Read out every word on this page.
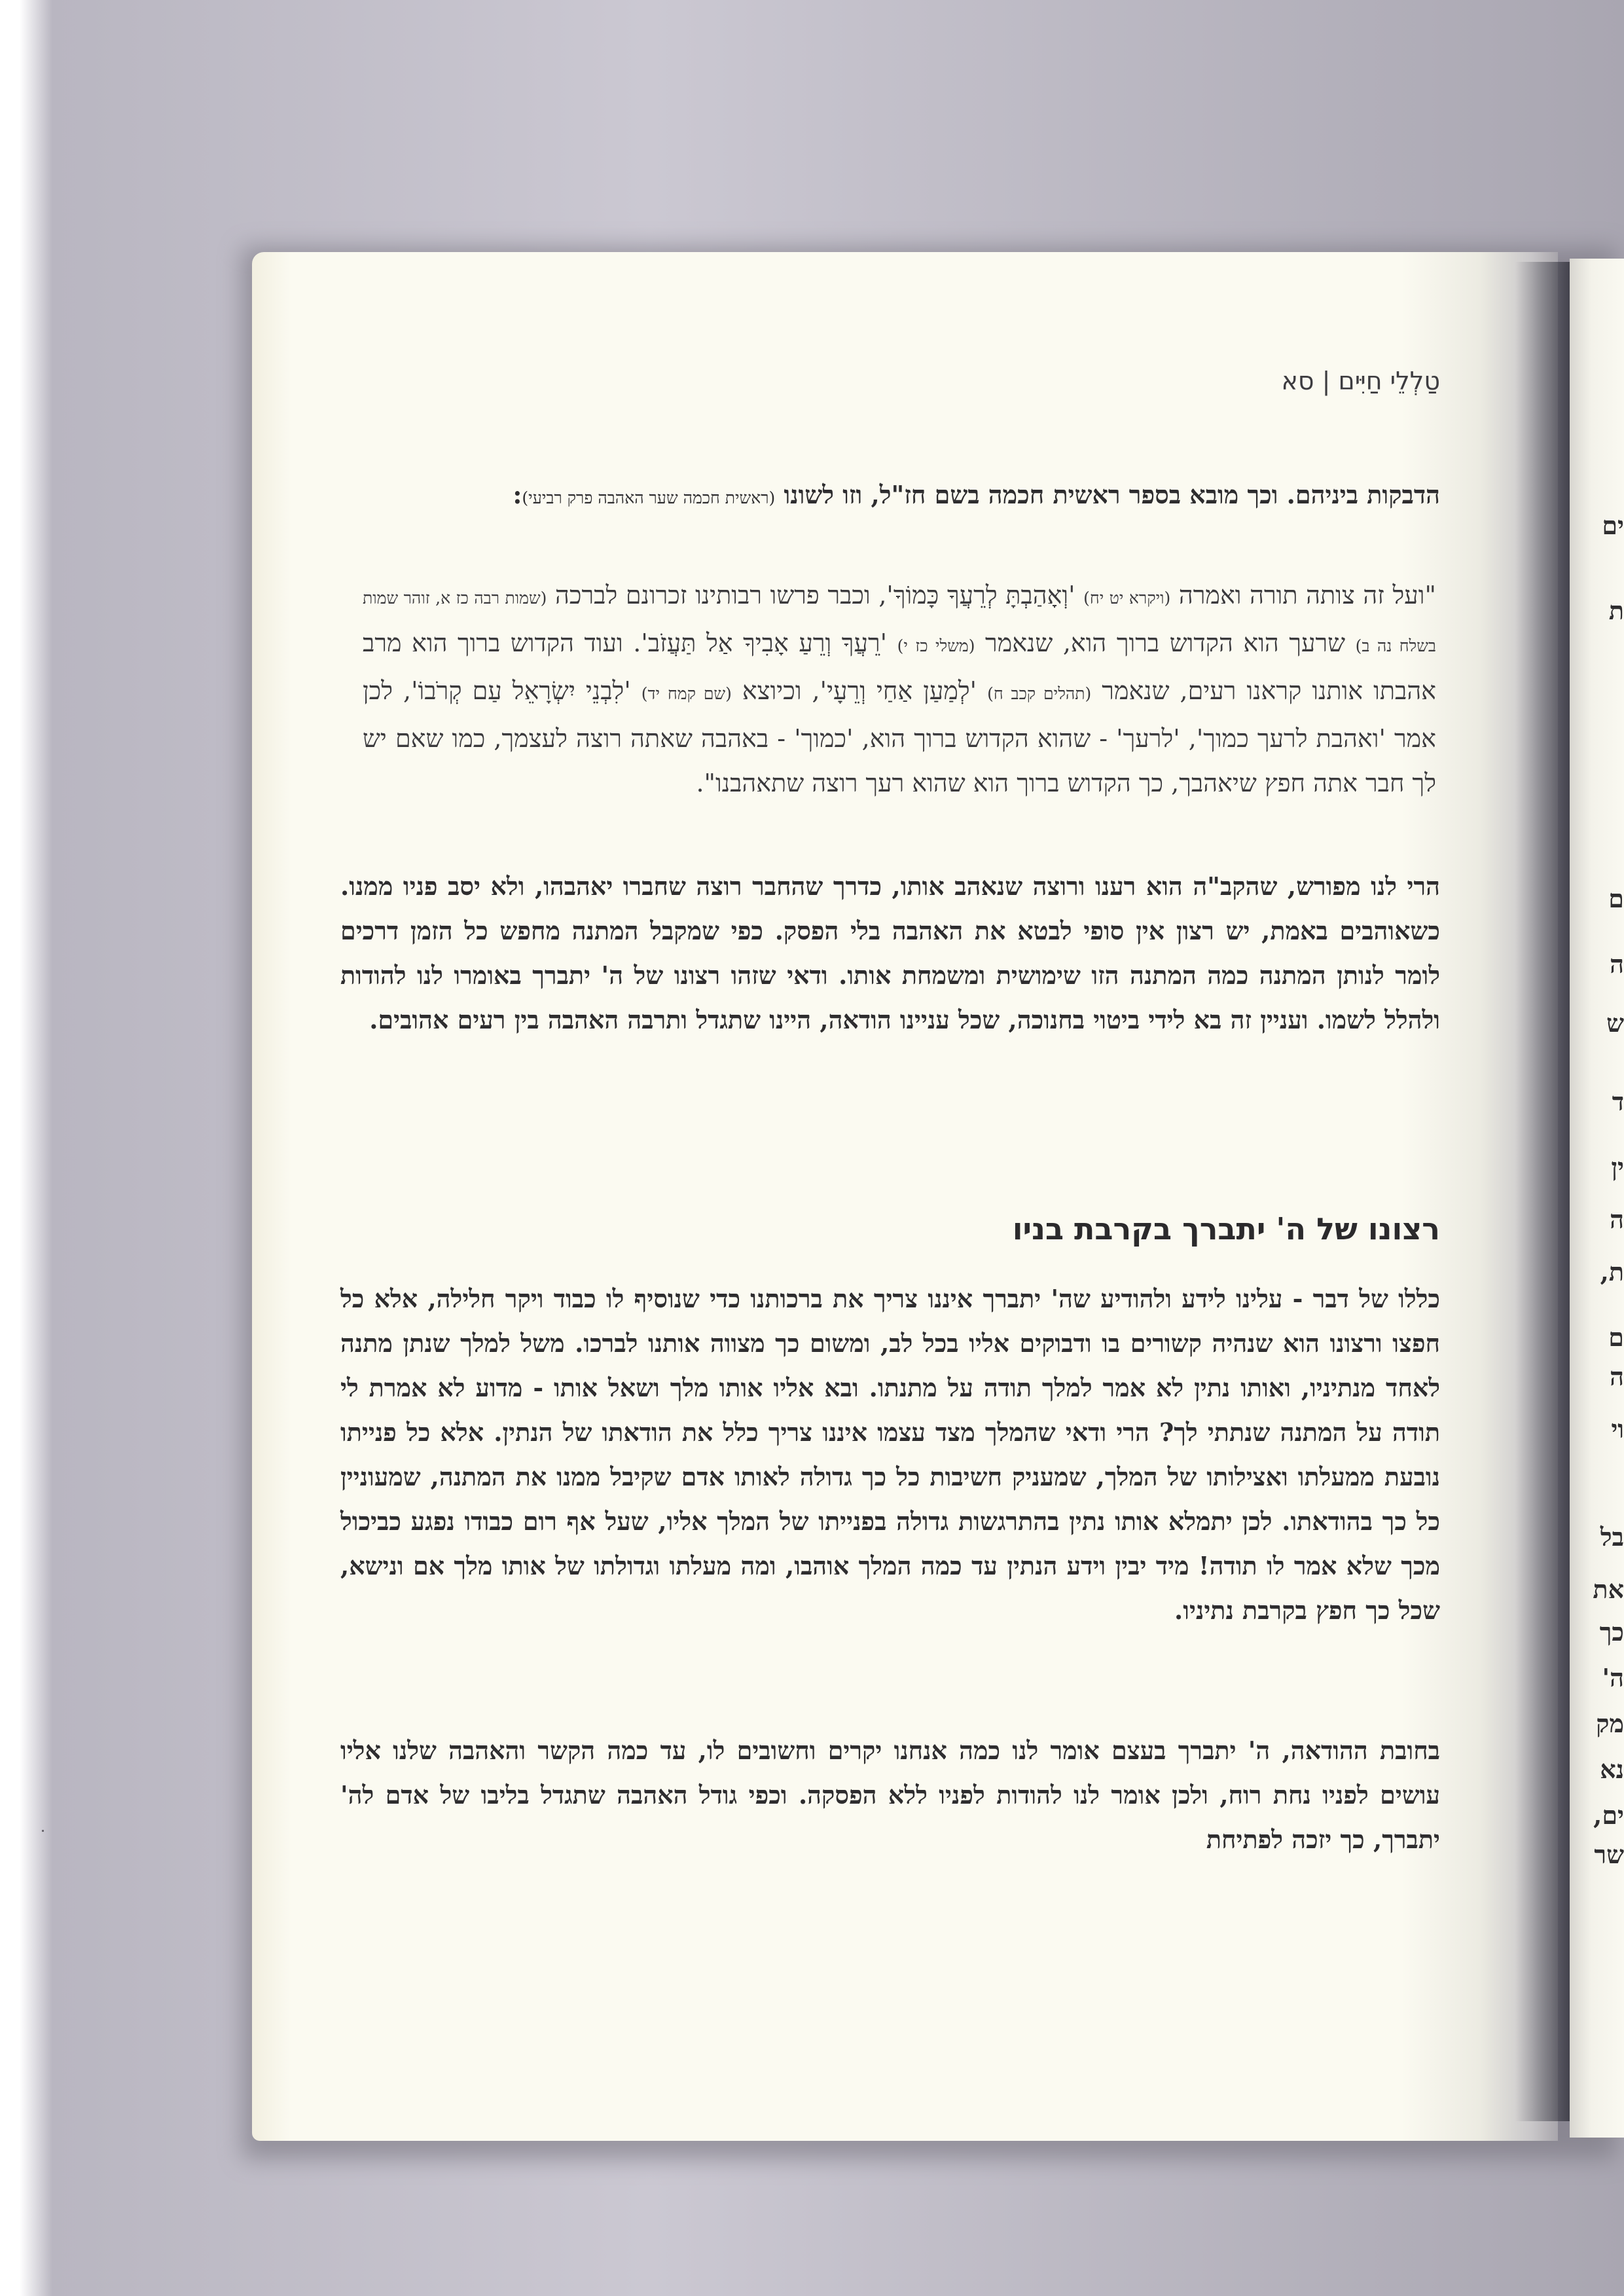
טַלְלֵי חַיִּים | סא
הדבקות ביניהם. וכך מובא בספר ראשית חכמה בשם חז"ל, וזו לשונו (ראשית חכמה שער האהבה פרק רביעי):
"ועל זה צותה תורה ואמרה (ויקרא יט יח) 'וְאָהַבְתָּ לְרֵעֲךָ כָּמוֹךָ', וכבר פרשו רבותינו זכרונם לברכה (שמות רבה כז א, זוהר שמות בשלח נה ב) שרעך הוא הקדוש ברוך הוא, שנאמר (משלי כז י) 'רֵעֲךָ וְרֵעַ אָבִיךָ אַל תַּעֲזֹב'. ועוד הקדוש ברוך הוא מרב אהבתו אותנו קראנו רעים, שנאמר (תהלים קכב ח) 'לְמַעַן אַחַי וְרֵעָי', וכיוצא (שם קמח יד) 'לִבְנֵי יִשְׂרָאֵל עַם קְרֹבוֹ', לכן אמר 'ואהבת לרעך כמוך', 'לרעך' - שהוא הקדוש ברוך הוא, 'כמוך' - באהבה שאתה רוצה לעצמך, כמו שאם יש לך חבר אתה חפץ שיאהבך, כך הקדוש ברוך הוא שהוא רעך רוצה שתאהבנו".
הרי לנו מפורש, שהקב"ה הוא רענו ורוצה שנאהב אותו, כדרך שהחבר רוצה שחברו יאהבהו, ולא יסב פניו ממנו. כשאוהבים באמת, יש רצון אין סופי לבטא את האהבה בלי הפסק. כפי שמקבל המתנה מחפש כל הזמן דרכים לומר לנותן המתנה כמה המתנה הזו שימושית ומשמחת אותו. ודאי שזהו רצונו של ה' יתברך באומרו לנו להודות ולהלל לשמו. ועניין זה בא לידי ביטוי בחנוכה, שכל עניינו הודאה, היינו שתגדל ותרבה האהבה בין רעים אהובים.
רצונו של ה' יתברך בקרבת בניו
כללו של דבר - עלינו לידע ולהודיע שה' יתברך איננו צריך את ברכותנו כדי שנוסיף לו כבוד ויקר חלילה, אלא כל חפצו ורצונו הוא שנהיה קשורים בו ודבוקים אליו בכל לב, ומשום כך מצווה אותנו לברכו. משל למלך שנתן מתנה לאחד מנתיניו, ואותו נתין לא אמר למלך תודה על מתנתו. ובא אליו אותו מלך ושאל אותו - מדוע לא אמרת לי תודה על המתנה שנתתי לך? הרי ודאי שהמלך מצד עצמו איננו צריך כלל את הודאתו של הנתין. אלא כל פנייתו נובעת ממעלתו ואצילותו של המלך, שמעניק חשיבות כל כך גדולה לאותו אדם שקיבל ממנו את המתנה, שמעוניין כל כך בהודאתו. לכן יתמלא אותו נתין בהתרגשות גדולה בפנייתו של המלך אליו, שעל אף רום כבודו נפגע כביכול מכך שלא אמר לו תודה! מיד יבין וידע הנתין עד כמה המלך אוהבו, ומה מעלתו וגדולתו של אותו מלך אם ונישא, שכל כך חפץ בקרבת נתיניו.
בחובת ההודאה, ה' יתברך בעצם אומר לנו כמה אנחנו יקרים וחשובים לו, עד כמה הקשר והאהבה שלנו אליו עושים לפניו נחת רוח, ולכן אומר לנו להודות לפניו ללא הפסקה. וכפי גודל האהבה שתגדל בליבו של אדם לה' יתברך, כך יזכה לפתיחת
ים
ת
ם
ה
ש
ד
ין
ה
ת,
ם
ה
וי
בל
את
כך
ה'
מק
נא
ים,
שר
